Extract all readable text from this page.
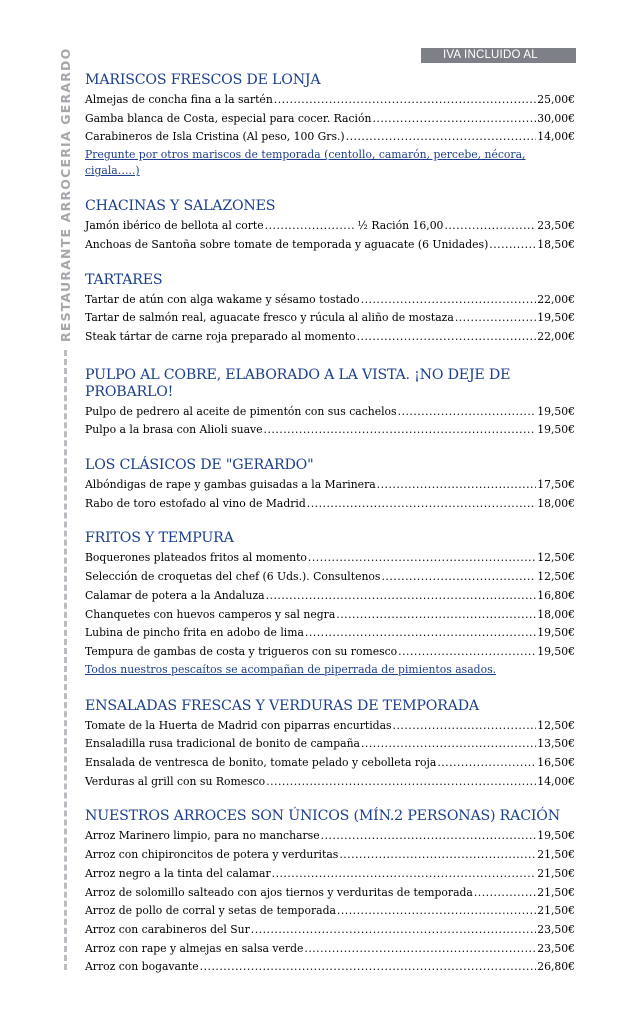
IVA INCLUIDO AL
RESTAURANTE ARROCERIA GERARDO MARISCOS FRESCOS DE LONJA
Almejas de concha fina a la sartén .....	25,00€
Gamba blanca de Costa, especial para cocer. Ración .....	30,00€
Carabineros de Isla Cristina (Al peso, 100 Grs.) .....	14,00€
Pregunte por otros mariscos de temporada (centollo, camarón, percebe, nécora, cigala…..)
CHACINAS Y SALAZONES
Jamón ibérico de bellota al corte .....	½ Ración 16,00 .....	23,50€
Anchoas de Santoña sobre tomate de temporada y aguacate (6 Unidades) .....	18,50€
TARTARES
Tartar de atún con alga wakame y sésamo tostado .....	22,00€
Tartar de salmón real, aguacate fresco y rúcula al aliño de mostaza .....	19,50€
Steak tártar de carne roja preparado al momento .....	22,00€
PULPO AL COBRE, ELABORADO A LA VISTA. ¡NO DEJE DE PROBARLO!
Pulpo de pedrero al aceite de pimentón con sus cachelos .....	19,50€
Pulpo a la brasa con Alioli suave .....	19,50€
LOS CLÁSICOS DE "GERARDO"
Albóndigas de rape y gambas guisadas a la Marinera .....	17,50€
Rabo de toro estofado al vino de Madrid .....	18,00€
FRITOS Y TEMPURA
Boquerones plateados fritos al momento .....	12,50€
Selección de croquetas del chef (6 Uds.). Consultenos .....	12,50€
Calamar de potera a la Andaluza .....	16,80€
Chanquetes con huevos camperos y sal negra .....	18,00€
Lubina de pincho frita en adobo de lima .....	19,50€
Tempura de gambas de costa y trigueros con su romesco .....	19,50€
Todos nuestros pescaítos se acompañan de piperrada de pimientos asados.
ENSALADAS FRESCAS Y VERDURAS DE TEMPORADA
Tomate de la Huerta de Madrid con piparras encurtidas .....	12,50€
Ensaladilla rusa tradicional de bonito de campaña .....	13,50€
Ensalada de ventresca de bonito, tomate pelado y cebolleta roja .....	16,50€
Verduras al grill con su Romesco .....	14,00€
NUESTROS ARROCES SON ÚNICOS (MÍN.2 PERSONAS) RACIÓN
Arroz Marinero limpio, para no mancharse .....	19,50€
Arroz con chipironcitos de potera y verduritas .....	21,50€
Arroz negro a la tinta del calamar .....	21,50€
Arroz de solomillo salteado con ajos tiernos y verduritas de temporada .....	21,50€
Arroz de pollo de corral y setas de temporada .....	21,50€
Arroz con carabineros del Sur .....	23,50€
Arroz con rape y almejas en salsa verde .....	23,50€
Arroz con bogavante .....	26,80€
